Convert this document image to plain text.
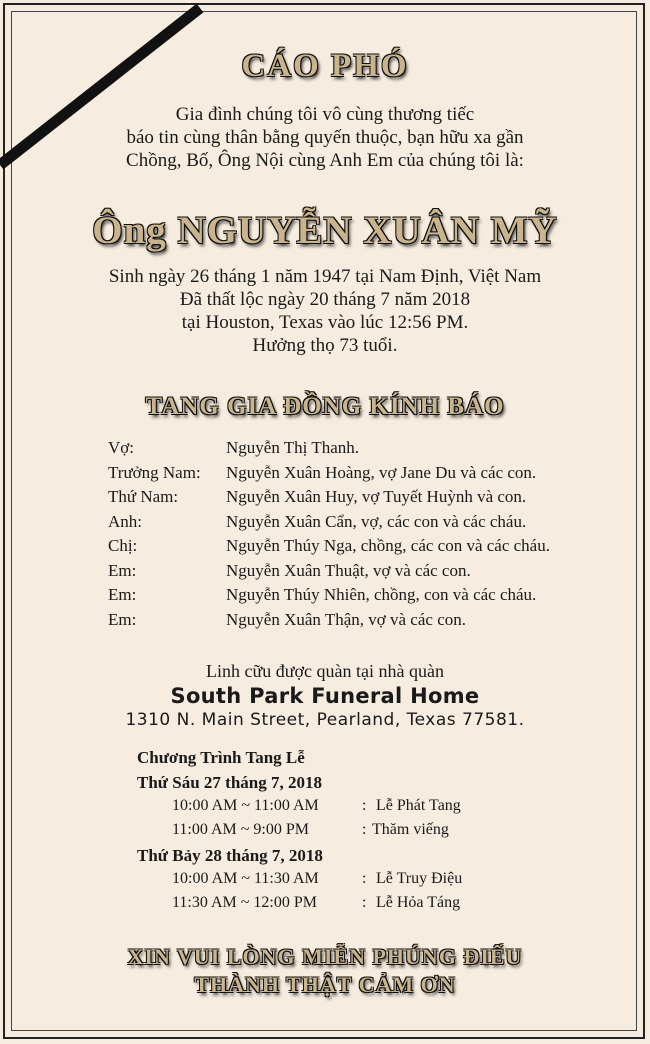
CÁO PHÓ
Gia đình chúng tôi vô cùng thương tiếc
báo tin cùng thân bằng quyến thuộc, bạn hữu xa gần
Chồng, Bố, Ông Nội cùng Anh Em của chúng tôi là:
Ông NGUYỄN XUÂN MỸ
Sinh ngày 26 tháng 1 năm 1947 tại Nam Định, Việt Nam
Đã thất lộc ngày 20 tháng 7 năm 2018
tại Houston, Texas vào lúc 12:56 PM.
Hưởng thọ 73 tuổi.
TANG GIA ĐỒNG KÍNH BÁO
Vợ:	Nguyễn Thị Thanh.
Trưởng Nam: Nguyễn Xuân Hoàng, vợ Jane Du và các con.
Thứ Nam:	Nguyễn Xuân Huy, vợ Tuyết Huỳnh và con.
Anh:	Nguyễn Xuân Cẩn, vợ, các con và các cháu.
Chị:	Nguyễn Thúy Nga, chồng, các con và các cháu.
Em:	Nguyễn Xuân Thuật, vợ và các con.
Em:	Nguyễn Thúy Nhiên, chồng, con và các cháu.
Em:	Nguyễn Xuân Thận, vợ và các con.
Linh cữu được quàn tại nhà quàn
South Park Funeral Home
1310 N. Main Street, Pearland, Texas 77581.
Chương Trình Tang Lễ
Thứ Sáu 27 tháng 7, 2018
10:00 AM ~ 11:00 AM	: Lễ Phát Tang
11:00 AM ~ 9:00 PM	: Thăm viếng
Thứ Bảy 28 tháng 7, 2018
10:00 AM ~ 11:30 AM	: Lễ Truy Điệu
11:30 AM ~ 12:00 PM	: Lễ Hỏa Táng
XIN VUI LÒNG MIỄN PHÚNG ĐIẾU
THÀNH THẬT CẢM ƠN
